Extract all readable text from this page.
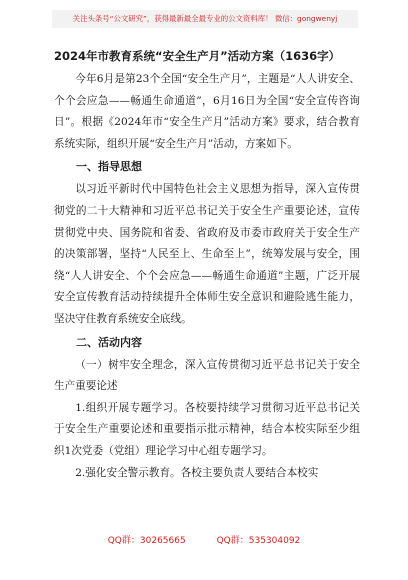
关注头条号“公文研究”，获得最新最全最专业的公文资料库！ 微信：gongwenyj

2024年市教育系统“安全生产月”活动方案（1636字）

今年6月是第23个全国“安全生产月”，主题是“人人讲安全、个个会应急——畅通生命通道”，6月16日为全国“安全宣传咨询日”。根据《2024年市“安全生产月”活动方案》要求，结合教育系统实际，组织开展“安全生产月”活动，方案如下。

一、指导思想

以习近平新时代中国特色社会主义思想为指导，深入宣传贯彻党的二十大精神和习近平总书记关于安全生产重要论述，宣传贯彻党中央、国务院和省委、省政府及市委市政府关于安全生产的决策部署，坚持“人民至上、生命至上”，统筹发展与安全，围绕“人人讲安全、个个会应急——畅通生命通道”主题，广泛开展安全宣传教育活动持续提升全体师生安全意识和避险逃生能力，坚决守住教育系统安全底线。

二、活动内容

（一）树牢安全理念，深入宣传贯彻习近平总书记关于安全生产重要论述

1.组织开展专题学习。各校要持续学习贯彻习近平总书记关于安全生产重要论述和重要指示批示精神，结合本校实际至少组织1次党委（党组）理论学习中心组专题学习。

2.强化安全警示教育。各校主要负责人要结合本校实

QQ群：30265665	QQ群：535304092
